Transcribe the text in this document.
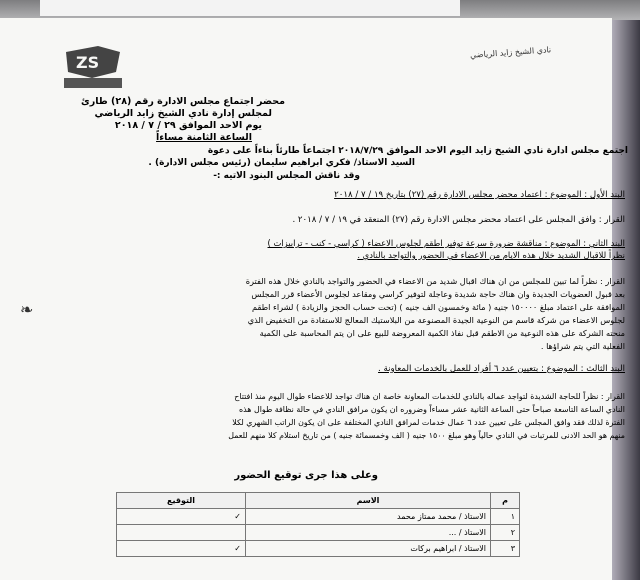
ZS
نادي الشيخ زايد الرياضي
محضر اجتماع مجلس الادارة رقم (٢٨) طارئ
لمجلس إدارة نادي الشيخ زايد الرياضي
يوم الاحد الموافق ٢٩ / ٧ / ٢٠١٨
الساعة الثامنة مساءاً
اجتمع مجلس ادارة نادي الشيخ زايد اليوم الاحد الموافق ٢٠١٨/٧/٢٩ اجتماعاً طارئاً بناءاً على دعوة
السيد الاستاذ/ فكري ابراهيم سليمان (رئيس مجلس الادارة) .
وقد ناقش المجلس البنود الاتيه :-
البند الأول : الموضوع : اعتماد محضر مجلس الادارة رقم (٢٧) بتاريخ ١٩ / ٧ / ٢٠١٨
القرار : وافق المجلس على اعتماد محضر مجلس الادارة رقم (٢٧) المنعقد في ١٩ / ٧ / ٢٠١٨ .
البند الثاني : الموضوع : مناقشة ضرورة سرعة توفير اطقم لجلوس الاعضاء ( كراسي - كنب - ترابيزات )
نظراً للاقبال الشديد خلال هذه الايام من الاعضاء في الحضور والتواجد بالنادي .
القرار : نظراً لما تبين للمجلس من ان هناك اقبال شديد من الاعضاء في الحضور والتواجد بالنادي خلال هذه الفترة
بعد قبول العضويات الجديدة وان هناك حاجة شديدة وعاجلة لتوفير كراسي ومقاعد لجلوس الأعضاء قرر المجلس
الموافقة على اعتماد مبلغ ١٥٠٠٠٠ جنيه ( مائة وخمسون الف جنيه ) (تحت حساب الحجز والزيادة ) لشراء اطقم
لجلوس الاعضاء من شركة قاسم من النوعية الجيدة المصنوعة من البلاستيك المعالج للاستفادة من التخفيض الذي
منحته الشركة على هذه النوعية من الاطقم قبل نفاذ الكمية المعروضة للبيع على ان يتم المحاسبة على الكمية
الفعلية التي يتم شراؤها .
❧
البند الثالث : الموضوع : بتعيين عدد ٦ أفراد للعمل بالخدمات المعاونة .
القرار : نظراً للحاجة الشديدة لتواجد عماله بالنادي للخدمات المعاونة خاصة ان هناك تواجد للاعضاء طوال اليوم منذ افتتاح
النادي الساعة التاسعة صباحاً حتى الساعة الثانية عشر مساءاً وضروره ان يكون مرافق النادي في حالة نظافة طوال هذه
الفترة لذلك فقد وافق المجلس على تعيين عدد ٦ عمال خدمات لمرافق النادي المختلفة على ان يكون الراتب الشهري لكلا
منهم هو الحد الادنى للمرتبات في النادي حالياً وهو مبلغ ١٥٠٠ جنيه ( الف وخمسمائة جنيه ) من تاريخ استلام كلا منهم للعمل
وعلى هذا جرى توقيع الحضور
م	الاسم	التوقيع
١	الاستاذ / محمد ممتاز محمد	✓
٢	الاستاذ / ...	
٣	الاستاذ / ابراهيم بركات	✓
